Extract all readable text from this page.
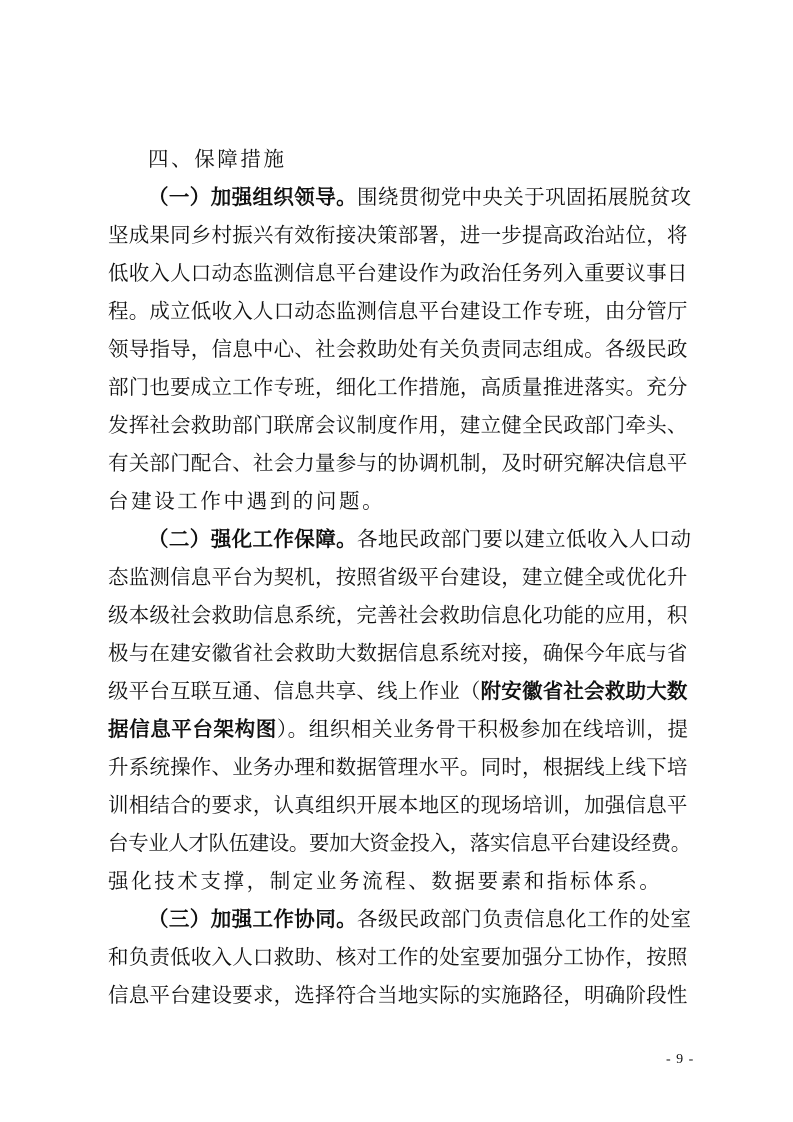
四、保障措施
（一）加强组织领导。围绕贯彻党中央关于巩固拓展脱贫攻
坚成果同乡村振兴有效衔接决策部署，进一步提高政治站位，将
低收入人口动态监测信息平台建设作为政治任务列入重要议事日
程。成立低收入人口动态监测信息平台建设工作专班，由分管厅
领导指导，信息中心、社会救助处有关负责同志组成。各级民政
部门也要成立工作专班，细化工作措施，高质量推进落实。充分
发挥社会救助部门联席会议制度作用，建立健全民政部门牵头、
有关部门配合、社会力量参与的协调机制，及时研究解决信息平
台建设工作中遇到的问题。
（二）强化工作保障。各地民政部门要以建立低收入人口动
态监测信息平台为契机，按照省级平台建设，建立健全或优化升
级本级社会救助信息系统，完善社会救助信息化功能的应用，积
极与在建安徽省社会救助大数据信息系统对接，确保今年底与省
级平台互联互通、信息共享、线上作业（附安徽省社会救助大数
据信息平台架构图）。组织相关业务骨干积极参加在线培训，提
升系统操作、业务办理和数据管理水平。同时，根据线上线下培
训相结合的要求，认真组织开展本地区的现场培训，加强信息平
台专业人才队伍建设。要加大资金投入，落实信息平台建设经费。
强化技术支撑，制定业务流程、数据要素和指标体系。
（三）加强工作协同。各级民政部门负责信息化工作的处室
和负责低收入人口救助、核对工作的处室要加强分工协作，按照
信息平台建设要求，选择符合当地实际的实施路径，明确阶段性
- 9 -
